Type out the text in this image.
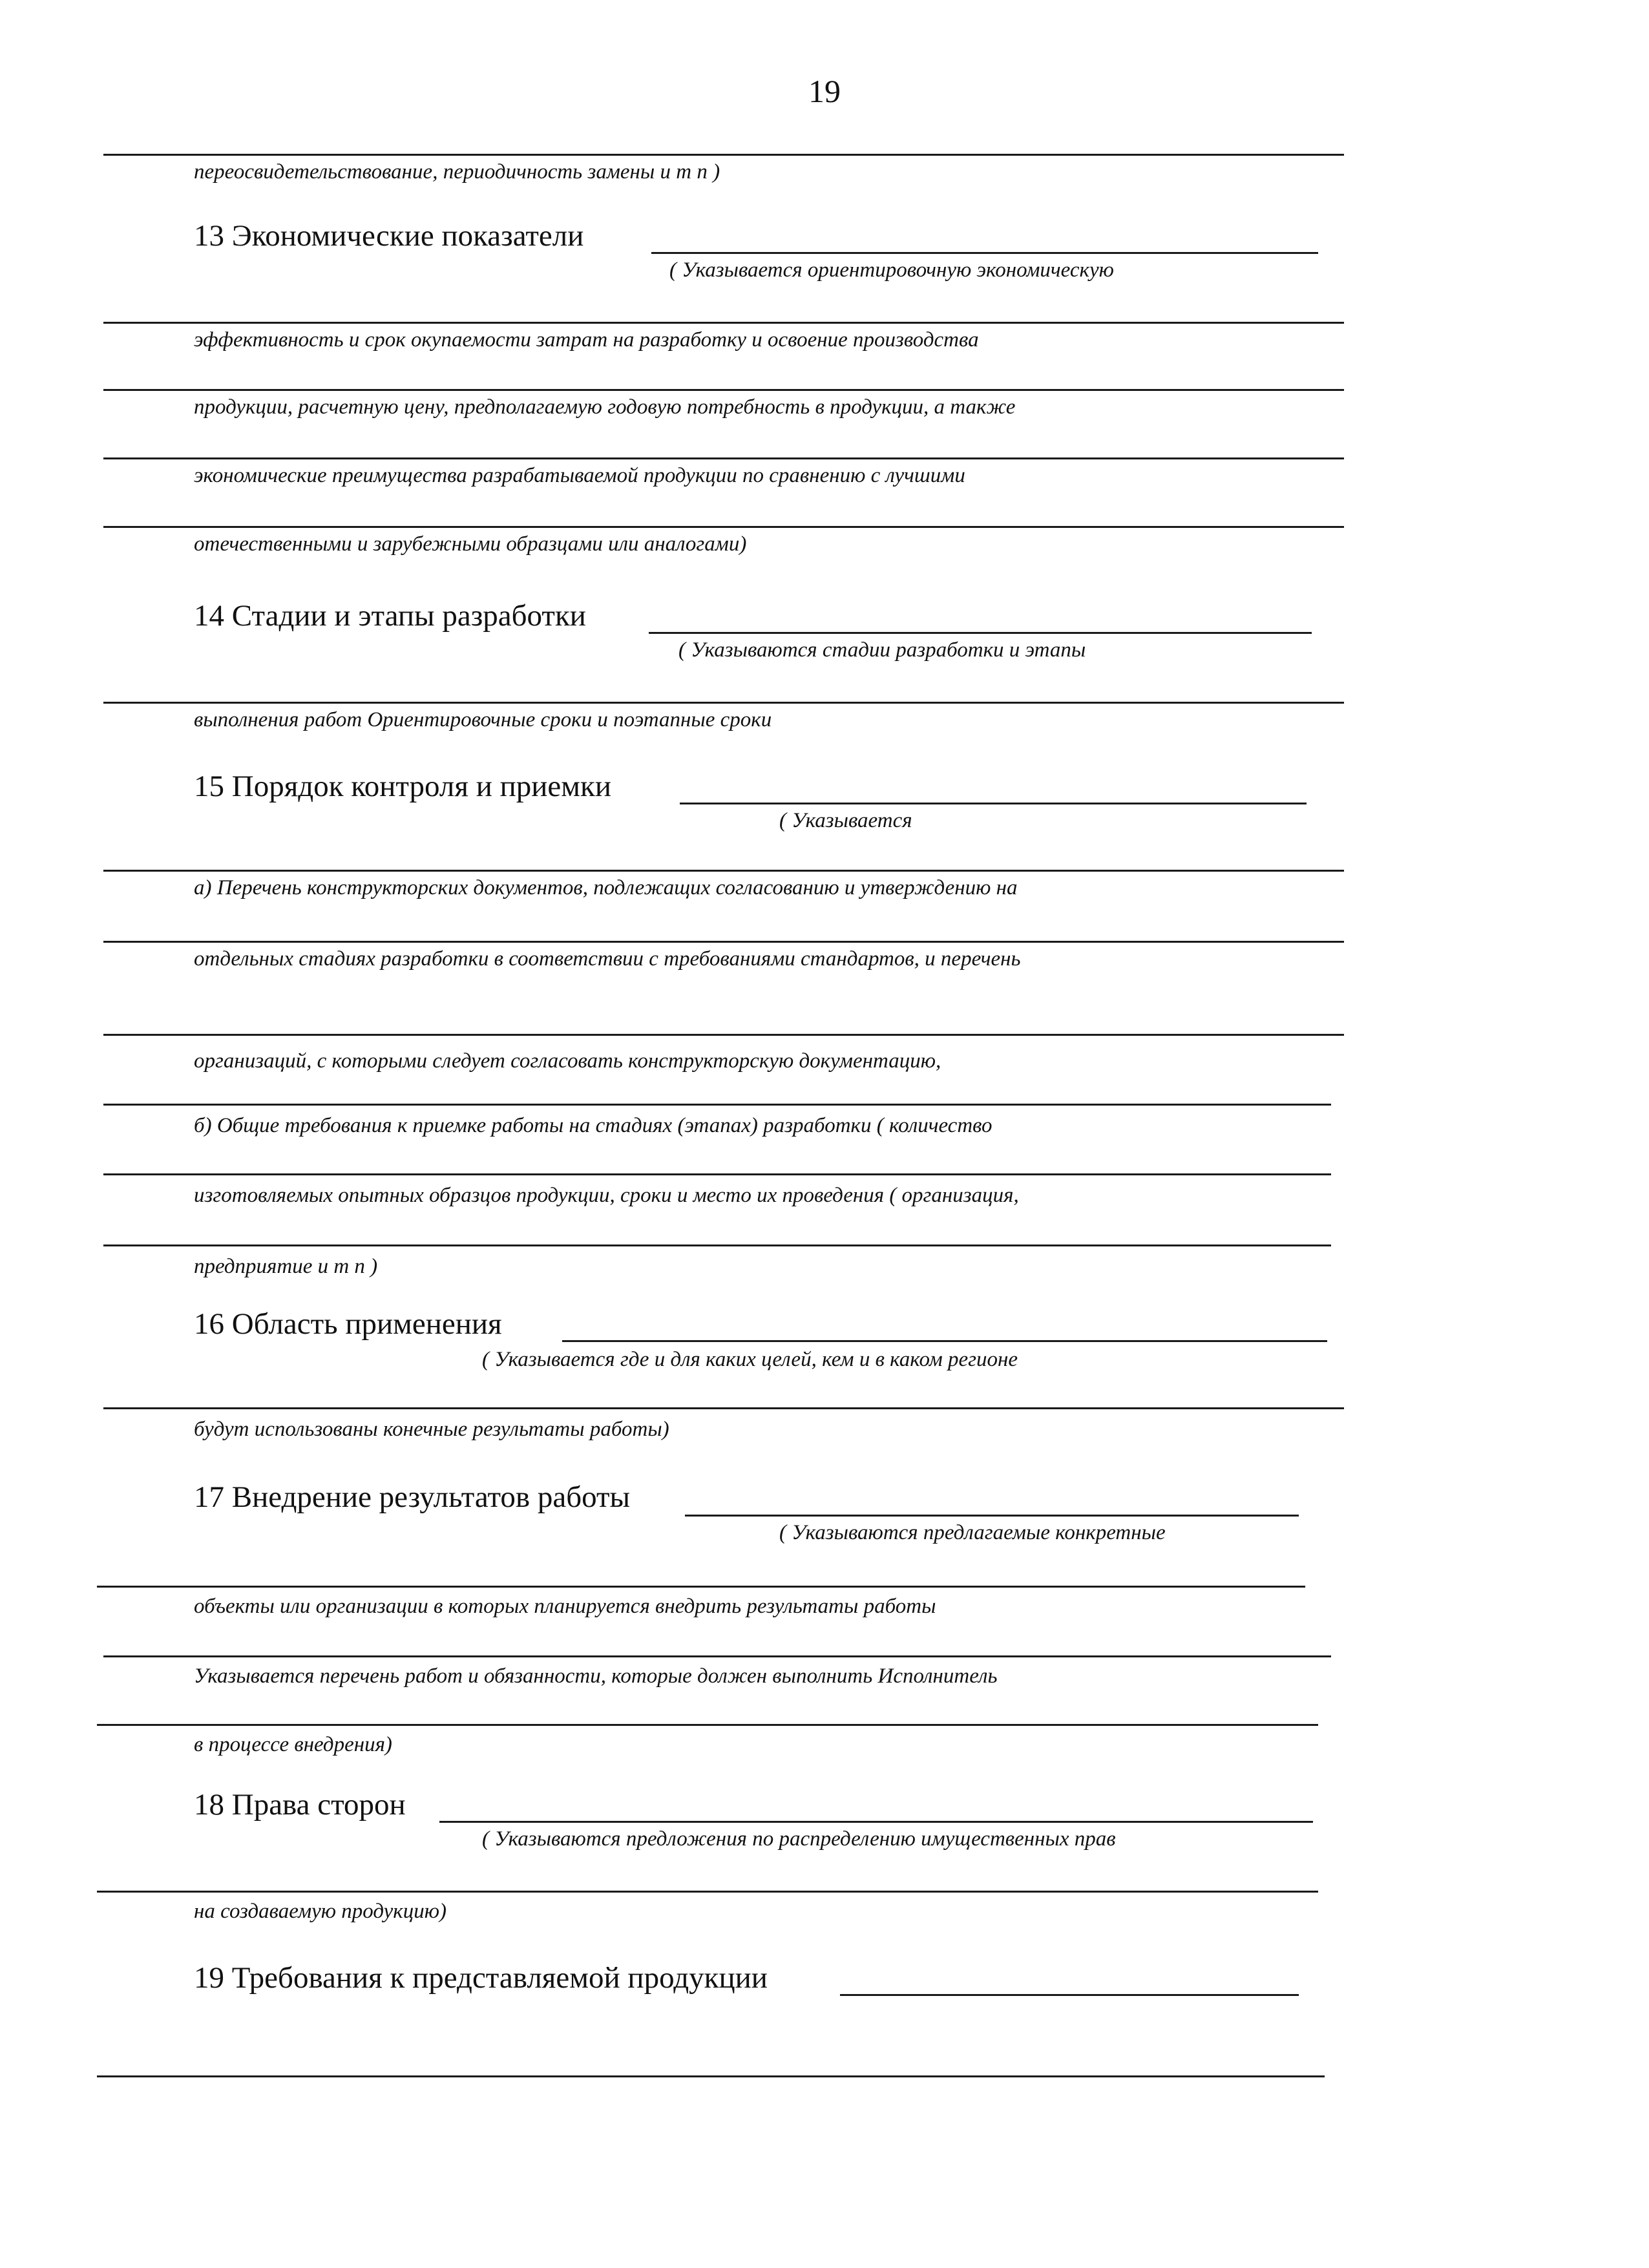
19
переосвидетельствование, периодичность замены и т п )
13 Экономические показатели
( Указывается ориентировочную экономическую
эффективность и срок окупаемости затрат на разработку и освоение производства
продукции, расчетную цену, предполагаемую годовую потребность в продукции, а также
экономические преимущества разрабатываемой продукции по сравнению с лучшими
отечественными и зарубежными образцами или аналогами)
14 Стадии и этапы разработки
( Указываются стадии разработки и этапы
выполнения работ Ориентировочные сроки и поэтапные сроки
15 Порядок контроля и приемки
( Указывается
а) Перечень конструкторских документов, подлежащих согласованию и утверждению на
отдельных стадиях разработки в соответствии с требованиями стандартов, и перечень
организаций, с которыми следует согласовать конструкторскую документацию,
б) Общие требования к приемке работы на стадиях (этапах) разработки ( количество
изготовляемых опытных образцов продукции, сроки и место их проведения ( организация,
предприятие и т п )
16 Область применения
( Указывается где и для каких целей, кем и в каком регионе
будут использованы конечные результаты работы)
17 Внедрение результатов работы
( Указываются предлагаемые конкретные
объекты или организации в которых планируется внедрить результаты работы
Указывается перечень работ и обязанности, которые должен выполнить Исполнитель
в процессе внедрения)
18 Права сторон
( Указываются предложения по распределению имущественных прав
на создаваемую продукцию)
19 Требования к представляемой продукции
